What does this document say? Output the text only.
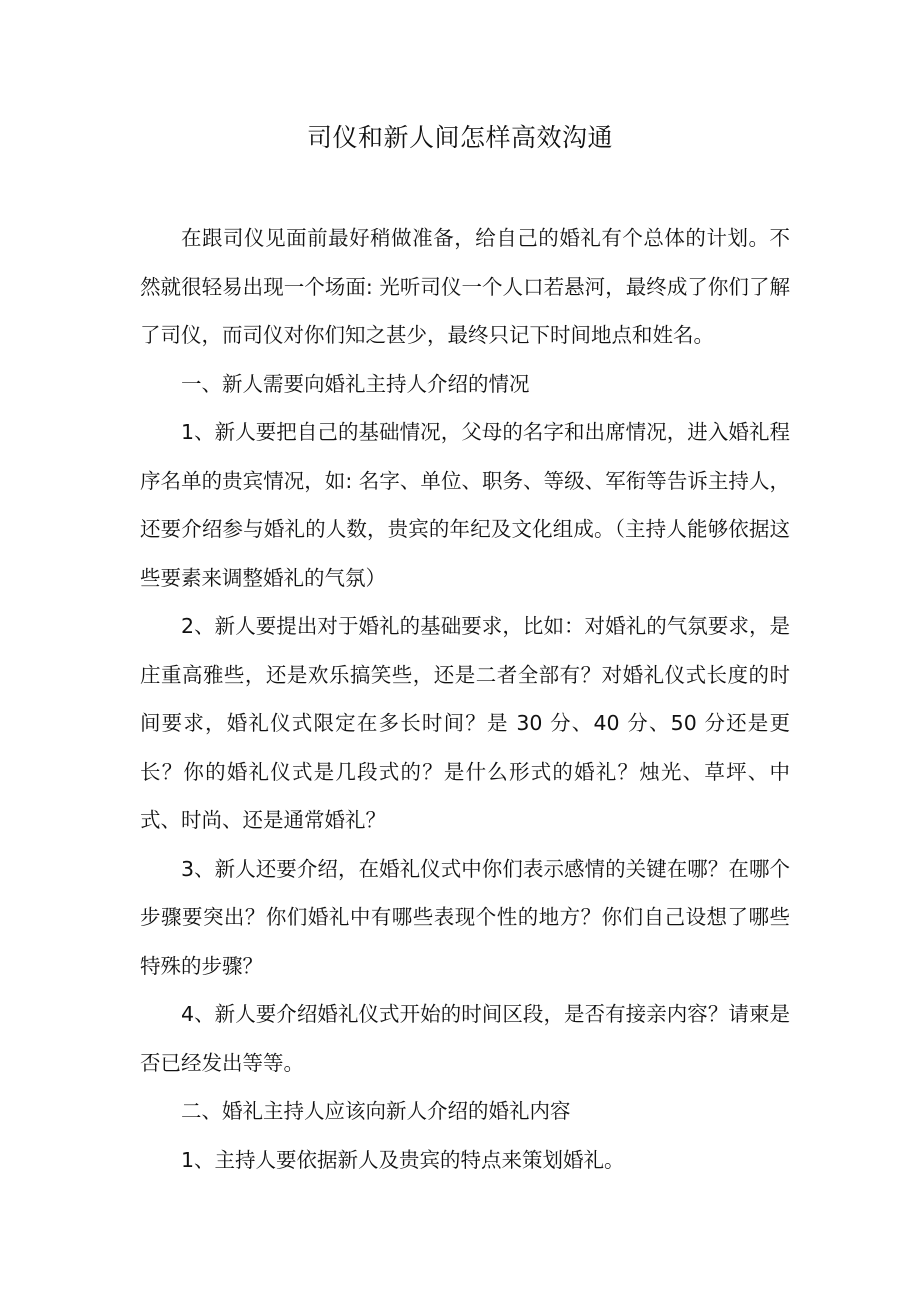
司仪和新人间怎样高效沟通

在跟司仪见面前最好稍做准备，给自己的婚礼有个总体的计划。不然就很轻易出现一个场面: 光听司仪一个人口若悬河，最终成了你们了解了司仪，而司仪对你们知之甚少，最终只记下时间地点和姓名。

一、新人需要向婚礼主持人介绍的情况

1、新人要把自己的基础情况，父母的名字和出席情况，进入婚礼程序名单的贵宾情况，如: 名字、单位、职务、等级、军衔等告诉主持人，还要介绍参与婚礼的人数，贵宾的年纪及文化组成。（主持人能够依据这些要素来调整婚礼的气氛）

2、新人要提出对于婚礼的基础要求，比如：对婚礼的气氛要求，是庄重高雅些，还是欢乐搞笑些，还是二者全部有？对婚礼仪式长度的时间要求，婚礼仪式限定在多长时间？是 30 分、40 分、50 分还是更长？你的婚礼仪式是几段式的？是什么形式的婚礼？烛光、草坪、中式、时尚、还是通常婚礼？

3、新人还要介绍，在婚礼仪式中你们表示感情的关键在哪？在哪个步骤要突出？你们婚礼中有哪些表现个性的地方？你们自己设想了哪些特殊的步骤？

4、新人要介绍婚礼仪式开始的时间区段，是否有接亲内容？请柬是否已经发出等等。

二、婚礼主持人应该向新人介绍的婚礼内容

1、主持人要依据新人及贵宾的特点来策划婚礼。
